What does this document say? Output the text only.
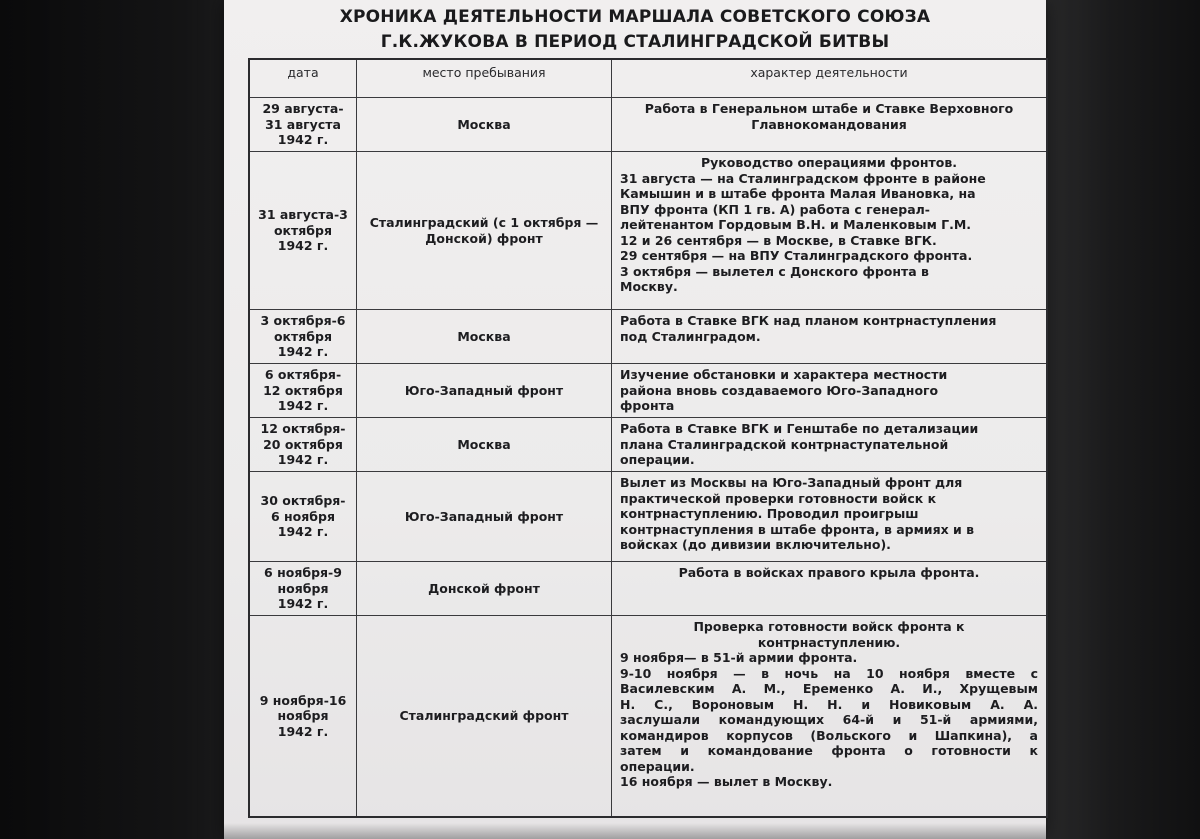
ХРОНИКА ДЕЯТЕЛЬНОСТИ МАРШАЛА СОВЕТСКОГО СОЮЗА
Г.К.ЖУКОВА В ПЕРИОД СТАЛИНГРАДСКОЙ БИТВЫ
дата	место пребывания	характер деятельности
29 августа-
31 августа
1942 г.
Москва
Работа в Генеральном штабе и Ставке Верховного
Главнокомандования
31 августа-3
октября
1942 г.
Сталинградский (с 1 октября — Донской) фронт
Руководство операциями фронтов.
31 августа — на Сталинградском фронте в районе
Камышин и в штабе фронта Малая Ивановка, на
ВПУ фронта (КП 1 гв. А) работа с генерал-
лейтенантом Гордовым В.Н. и Маленковым Г.М.
12 и 26 сентября — в Москве, в Ставке ВГК.
29 сентября — на ВПУ Сталинградского фронта.
3 октября — вылетел с Донского фронта в
Москву.
3 октября-6
октября
1942 г.
Москва
Работа в Ставке ВГК над планом контрнаступления
под Сталинградом.
6 октября-
12 октября
1942 г.
Юго-Западный фронт
Изучение обстановки и характера местности
района вновь создаваемого Юго-Западного
фронта
12 октября-
20 октября
1942 г.
Москва
Работа в Ставке ВГК и Генштабе по детализации
плана Сталинградской контрнаступательной
операции.
30 октября-
6 ноября
1942 г.
Юго-Западный фронт
Вылет из Москвы на Юго-Западный фронт для
практической проверки готовности войск к
контрнаступлению. Проводил проигрыш
контрнаступления в штабе фронта, в армиях и в
войсках (до дивизии включительно).
6 ноября-9
ноября
1942 г.
Донской фронт
Работа в войсках правого крыла фронта.
9 ноября-16
ноября
1942 г.
Сталинградский фронт
Проверка готовности войск фронта к
контрнаступлению.
9 ноября— в 51-й армии фронта.
9-10 ноября — в ночь на 10 ноября вместе с
Василевским А. М., Еременко А. И., Хрущевым
Н. С., Вороновым Н. Н. и Новиковым А. А.
заслушали командующих 64-й и 51-й армиями,
командиров корпусов (Вольского и Шапкина), а
затем и командование фронта о готовности к
операции.
16 ноября — вылет в Москву.
